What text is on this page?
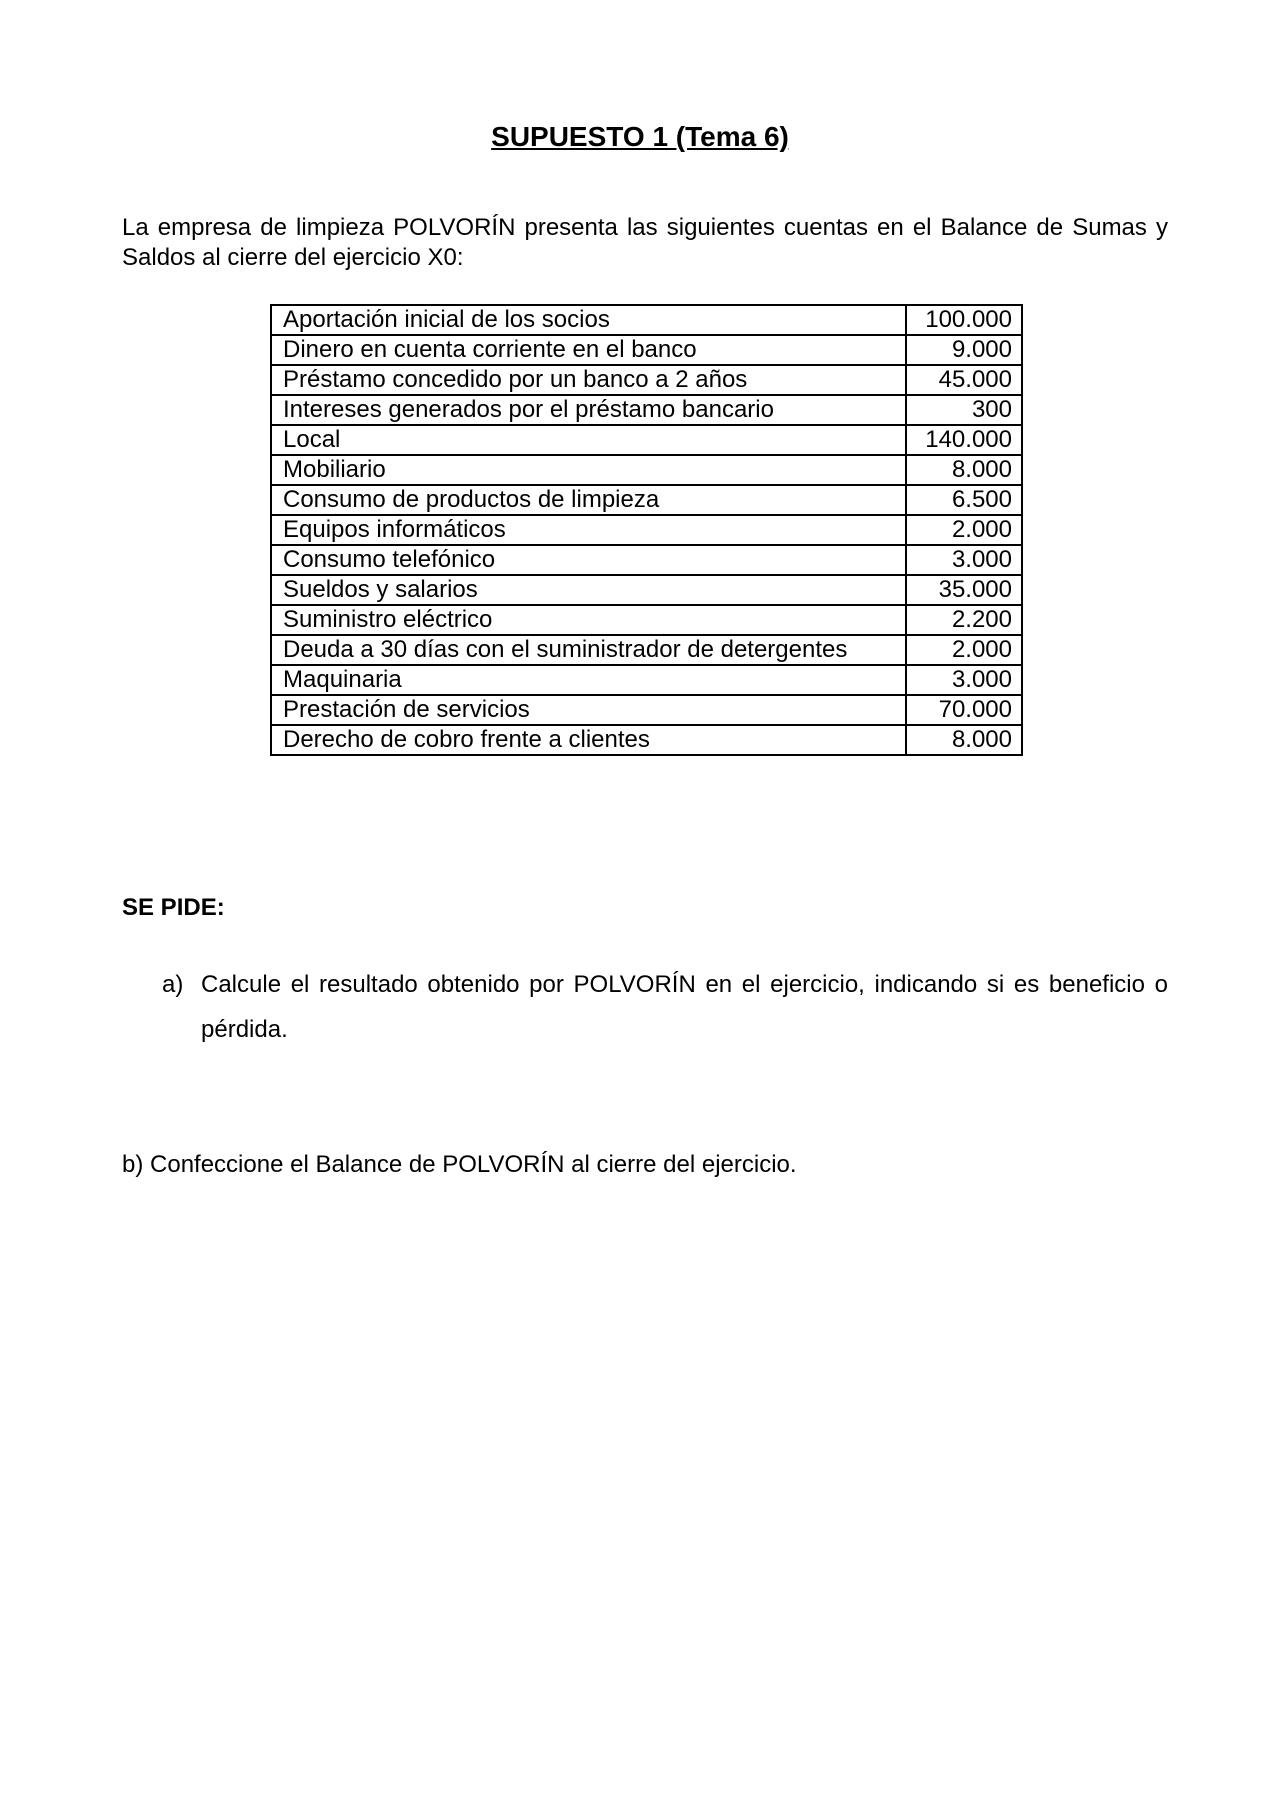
SUPUESTO 1 (Tema 6)

La empresa de limpieza POLVORÍN presenta las siguientes cuentas en el Balance de Sumas y Saldos al cierre del ejercicio X0:

Aportación inicial de los socios	100.000
Dinero en cuenta corriente en el banco	9.000
Préstamo concedido por un banco a 2 años	45.000
Intereses generados por el préstamo bancario	300
Local	140.000
Mobiliario	8.000
Consumo de productos de limpieza	6.500
Equipos informáticos	2.000
Consumo telefónico	3.000
Sueldos y salarios	35.000
Suministro eléctrico	2.200
Deuda a 30 días con el suministrador de detergentes	2.000
Maquinaria	3.000
Prestación de servicios	70.000
Derecho de cobro frente a clientes	8.000

SE PIDE:

a) Calcule el resultado obtenido por POLVORÍN en el ejercicio, indicando si es beneficio o pérdida.

b) Confeccione el Balance de POLVORÍN al cierre del ejercicio.
